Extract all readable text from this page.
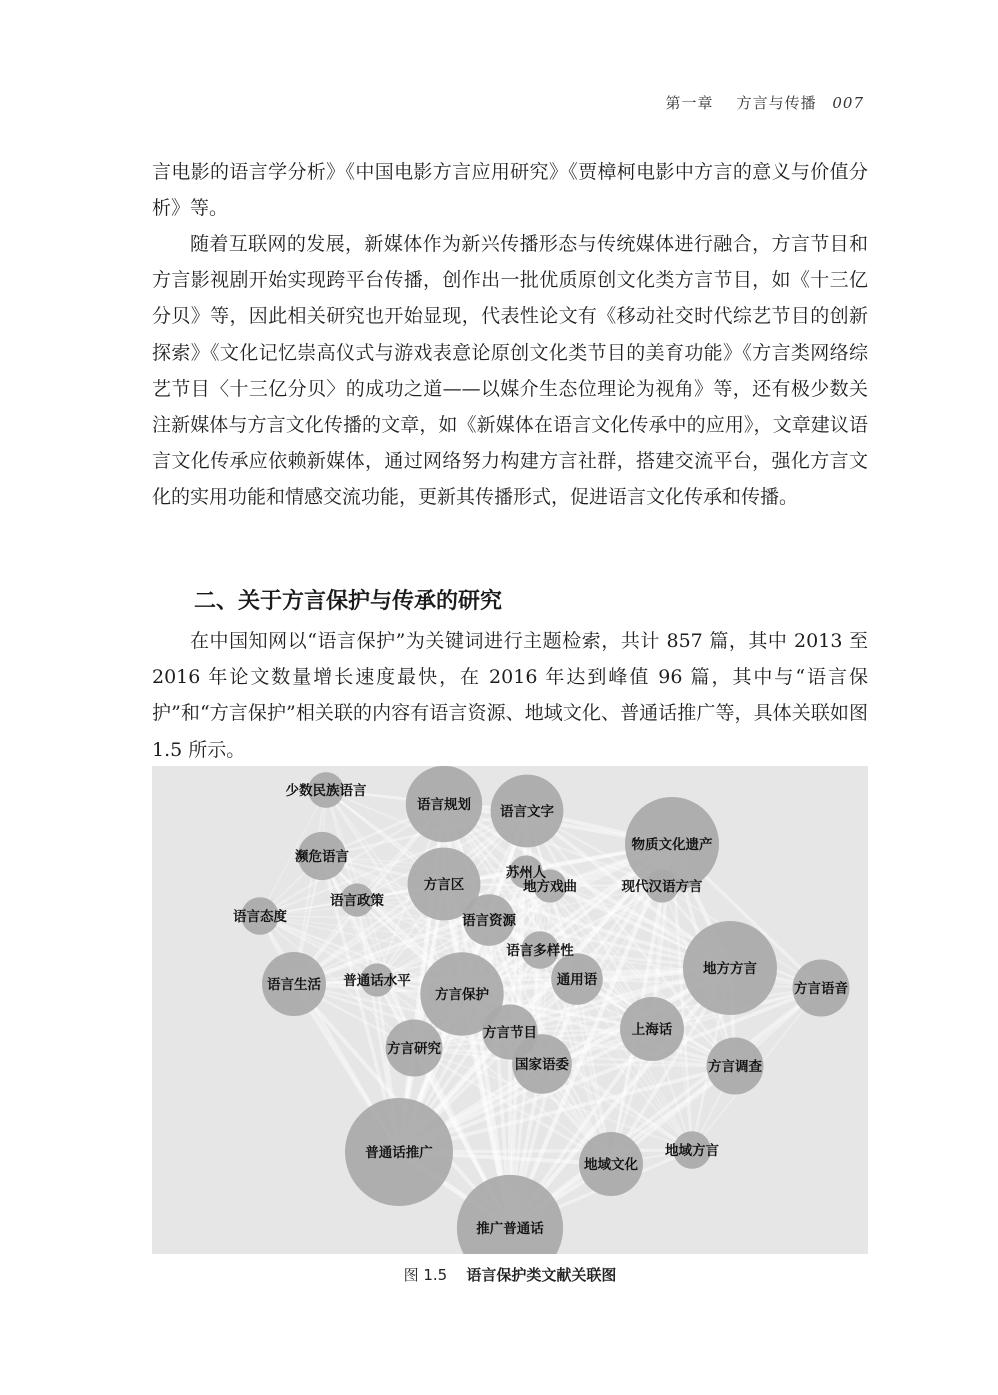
第一章 方言与传播 007

言电影的语言学分析》《中国电影方言应用研究》《贾樟柯电影中方言的意义与价值分析》等。

随着互联网的发展，新媒体作为新兴传播形态与传统媒体进行融合，方言节目和方言影视剧开始实现跨平台传播，创作出一批优质原创文化类方言节目，如《十三亿分贝》等，因此相关研究也开始显现，代表性论文有《移动社交时代综艺节目的创新探索》《文化记忆崇高仪式与游戏表意论原创文化类节目的美育功能》《方言类网络综艺节目〈十三亿分贝〉的成功之道——以媒介生态位理论为视角》等，还有极少数关注新媒体与方言文化传播的文章，如《新媒体在语言文化传承中的应用》，文章建议语言文化传承应依赖新媒体，通过网络努力构建方言社群，搭建交流平台，强化方言文化的实用功能和情感交流功能，更新其传播形式，促进语言文化传承和传播。

二、关于方言保护与传承的研究

在中国知网以“语言保护”为关键词进行主题检索，共计 857 篇，其中 2013 至 2016 年论文数量增长速度最快，在 2016 年达到峰值 96 篇，其中与“语言保护”和“方言保护”相关联的内容有语言资源、地域文化、普通话推广等，具体关联如图 1.5 所示。

少数民族语言
语言规划 语言文字
物质文化遗产
濒危语言
苏州人
方言区	地方戏曲	现代汉语方言
语言政策
语言态度	语言资源
语言多样性
地方方言
语言生活 普通话水平	通用语
方言语音
方言保护
方言节目	上海话
方言研究
国家语委	方言调查
普通话推广	地域方言
地域文化
推广普通话
图 1.5 语言保护类文献关联图
